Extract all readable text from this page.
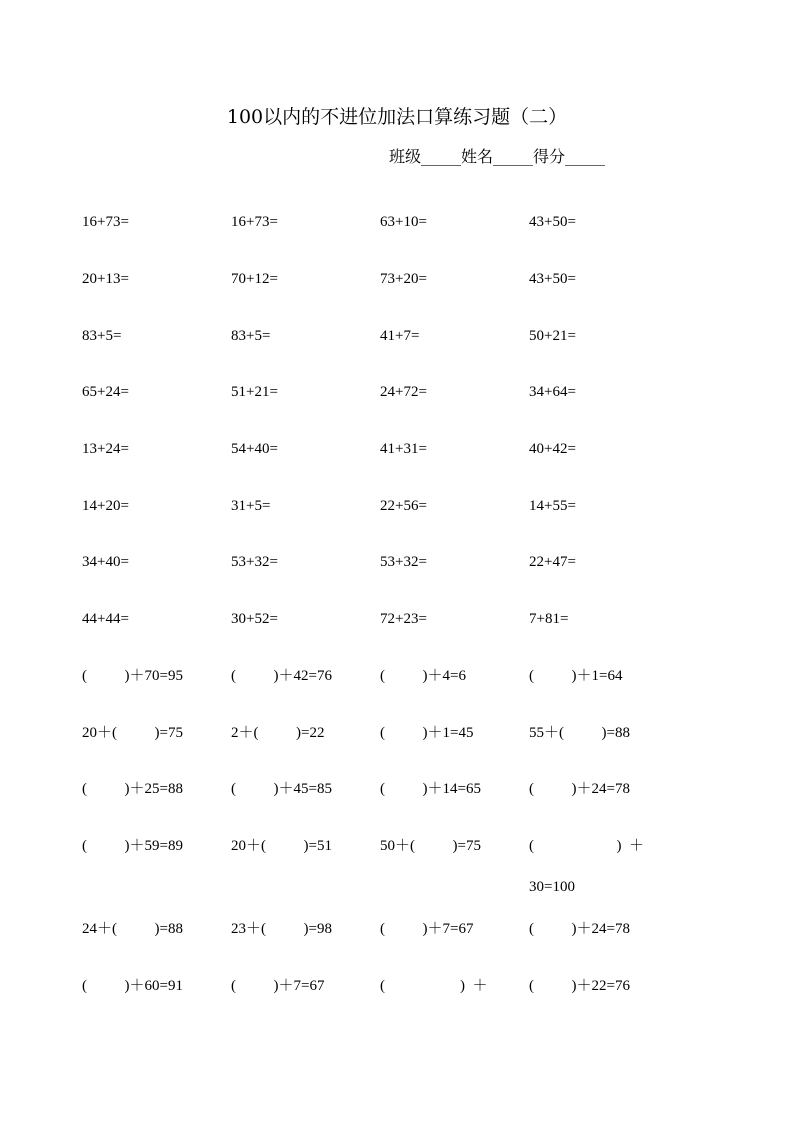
100以内的不进位加法口算练习题（二）
班级_____姓名_____得分_____
16+73=	16+73=	63+10=	43+50=
20+13=	70+12=	73+20=	43+50=
83+5=	83+5=	41+7=	50+21=
65+24=	51+21=	24+72=	34+64=
13+24=	54+40=	41+31=	40+42=
14+20=	31+5=	22+56=	14+55=
34+40=	53+32=	53+32=	22+47=
44+44=	30+52=	72+23=	7+81=
(          )＋70=95	(          )＋42=76	(          )＋4=6	(          )＋1=64
20＋(          )=75	2＋(          )=22	(          )＋1=45	55＋(          )=88
(          )＋25=88	(          )＋45=85	(          )＋14=65	(          )＋24=78
(          )＋59=89	20＋(          )=51	50＋(          )=75	(                      )  ＋
30=100
24＋(          )=88	23＋(          )=98	(          )＋7=67	(          )＋24=78
(          )＋60=91	(          )＋7=67	(                    )  ＋	(          )＋22=76
